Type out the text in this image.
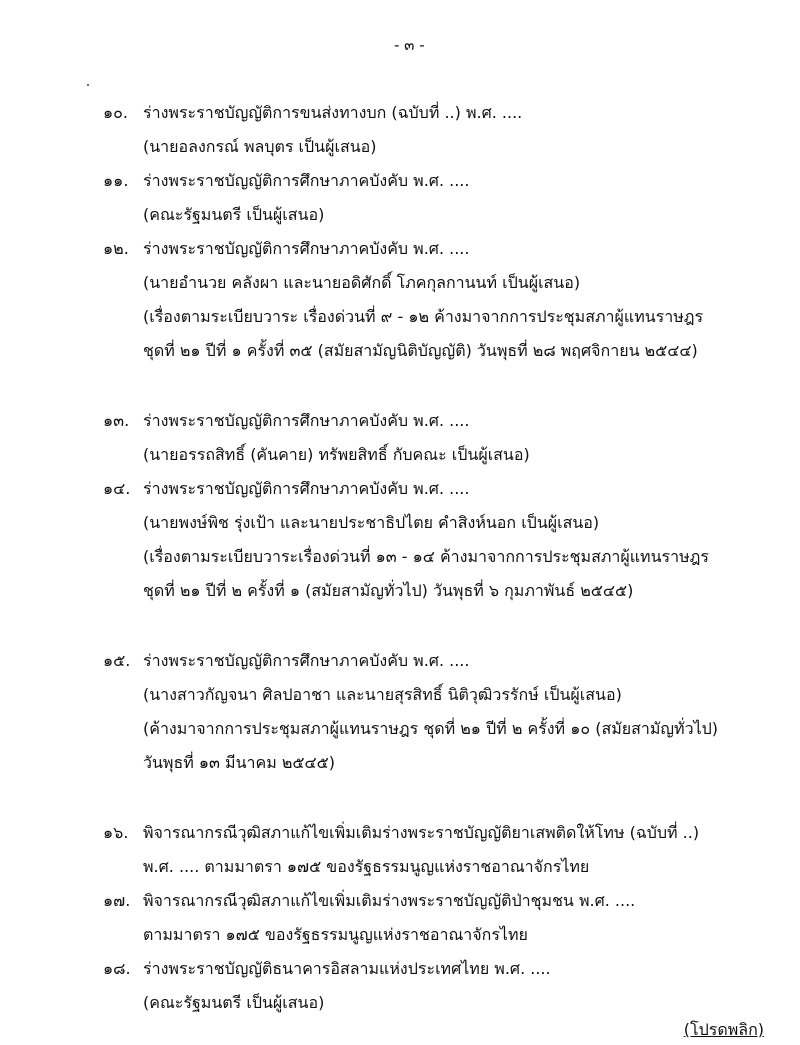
- ๓ -
๑๐. ร่างพระราชบัญญัติการขนส่งทางบก (ฉบับที่ ..) พ.ศ. ....
(นายอลงกรณ์ พลบุตร เป็นผู้เสนอ)
๑๑. ร่างพระราชบัญญัติการศึกษาภาคบังคับ พ.ศ. ....
(คณะรัฐมนตรี เป็นผู้เสนอ)
๑๒. ร่างพระราชบัญญัติการศึกษาภาคบังคับ พ.ศ. ....
(นายอำนวย คลังผา และนายอดิศักดิ์ โภคกุลกานนท์ เป็นผู้เสนอ)
(เรื่องตามระเบียบวาระ เรื่องด่วนที่ ๙ - ๑๒ ค้างมาจากการประชุมสภาผู้แทนราษฎร
ชุดที่ ๒๑ ปีที่ ๑ ครั้งที่ ๓๕ (สมัยสามัญนิติบัญญัติ) วันพุธที่ ๒๘ พฤศจิกายน ๒๕๔๔)
๑๓. ร่างพระราชบัญญัติการศึกษาภาคบังคับ พ.ศ. ....
(นายอรรถสิทธิ์ (คันคาย) ทรัพยสิทธิ์ กับคณะ เป็นผู้เสนอ)
๑๔. ร่างพระราชบัญญัติการศึกษาภาคบังคับ พ.ศ. ....
(นายพงษ์พิช รุ่งเป้า และนายประชาธิปไตย คำสิงห์นอก เป็นผู้เสนอ)
(เรื่องตามระเบียบวาระเรื่องด่วนที่ ๑๓ - ๑๔ ค้างมาจากการประชุมสภาผู้แทนราษฎร
ชุดที่ ๒๑ ปีที่ ๒ ครั้งที่ ๑ (สมัยสามัญทั่วไป) วันพุธที่ ๖ กุมภาพันธ์ ๒๕๔๕)
๑๕. ร่างพระราชบัญญัติการศึกษาภาคบังคับ พ.ศ. ....
(นางสาวกัญจนา ศิลปอาชา และนายสุรสิทธิ์ นิติวุฒิวรรักษ์ เป็นผู้เสนอ)
(ค้างมาจากการประชุมสภาผู้แทนราษฎร ชุดที่ ๒๑ ปีที่ ๒ ครั้งที่ ๑๐ (สมัยสามัญทั่วไป)
วันพุธที่ ๑๓ มีนาคม ๒๕๔๕)
๑๖. พิจารณากรณีวุฒิสภาแก้ไขเพิ่มเติมร่างพระราชบัญญัติยาเสพติดให้โทษ (ฉบับที่ ..)
พ.ศ. .... ตามมาตรา ๑๗๕ ของรัฐธรรมนูญแห่งราชอาณาจักรไทย
๑๗. พิจารณากรณีวุฒิสภาแก้ไขเพิ่มเติมร่างพระราชบัญญัติป่าชุมชน พ.ศ. ....
ตามมาตรา ๑๗๕ ของรัฐธรรมนูญแห่งราชอาณาจักรไทย
๑๘. ร่างพระราชบัญญัติธนาคารอิสลามแห่งประเทศไทย พ.ศ. ....
(คณะรัฐมนตรี เป็นผู้เสนอ)
(โปรดพลิก)
